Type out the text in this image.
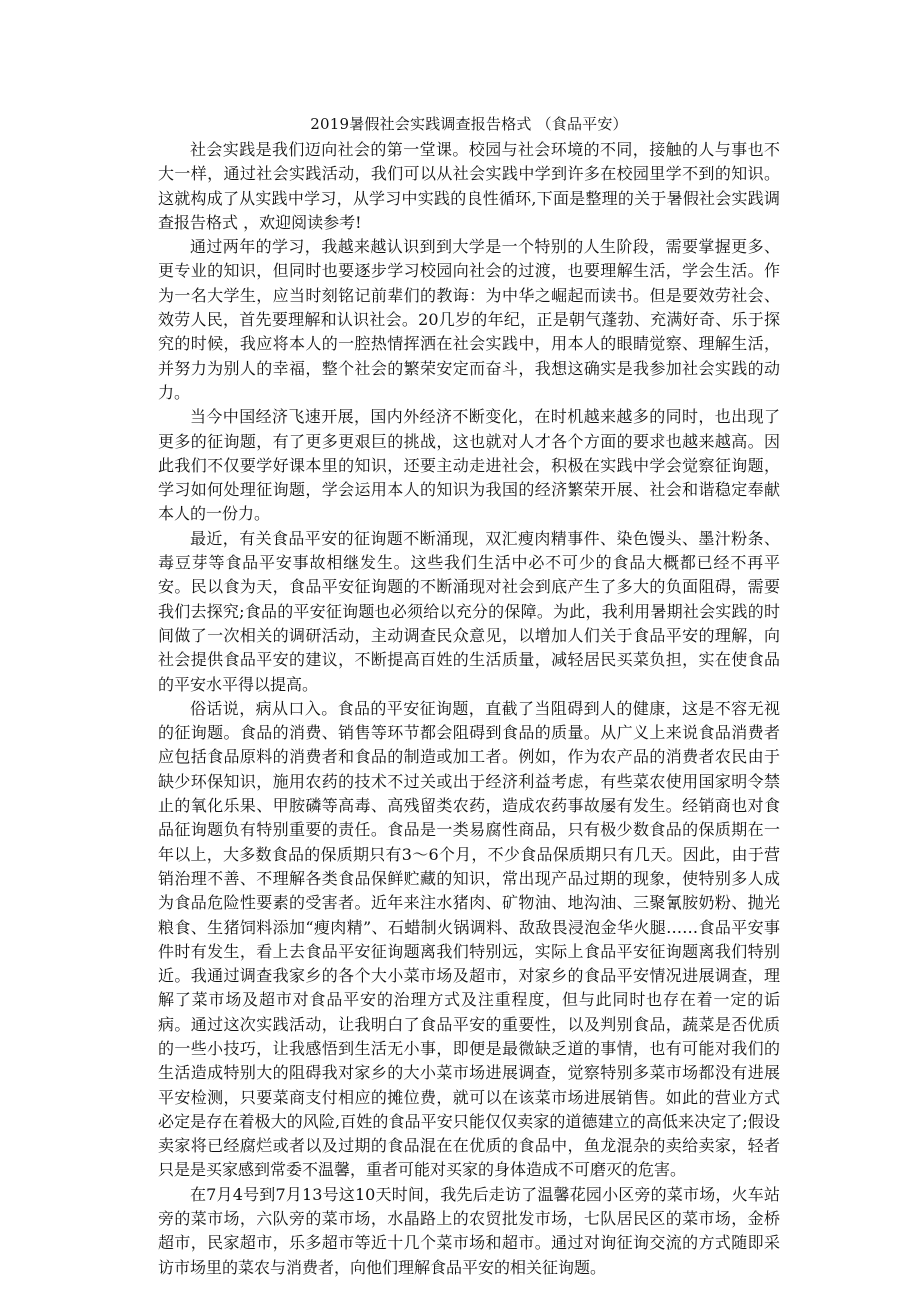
2019暑假社会实践调查报告格式 （食品平安）

社会实践是我们迈向社会的第一堂课。校园与社会环境的不同，接触的人与事也不大一样，通过社会实践活动，我们可以从社会实践中学到许多在校园里学不到的知识。这就构成了从实践中学习，从学习中实践的良性循环,下面是整理的关于暑假社会实践调查报告格式 ，欢迎阅读参考!

通过两年的学习，我越来越认识到到大学是一个特别的人生阶段，需要掌握更多、更专业的知识，但同时也要逐步学习校园向社会的过渡，也要理解生活，学会生活。作为一名大学生，应当时刻铭记前辈们的教诲：为中华之崛起而读书。但是要效劳社会、效劳人民，首先要理解和认识社会。20几岁的年纪，正是朝气蓬勃、充满好奇、乐于探究的时候，我应将本人的一腔热情挥洒在社会实践中，用本人的眼睛觉察、理解生活，并努力为别人的幸福，整个社会的繁荣安定而奋斗，我想这确实是我参加社会实践的动力。

当今中国经济飞速开展，国内外经济不断变化，在时机越来越多的同时，也出现了更多的征询题，有了更多更艰巨的挑战，这也就对人才各个方面的要求也越来越高。因此我们不仅要学好课本里的知识，还要主动走进社会，积极在实践中学会觉察征询题，学习如何处理征询题，学会运用本人的知识为我国的经济繁荣开展、社会和谐稳定奉献本人的一份力。

最近，有关食品平安的征询题不断涌现，双汇瘦肉精事件、染色馒头、墨汁粉条、毒豆芽等食品平安事故相继发生。这些我们生活中必不可少的食品大概都已经不再平安。民以食为天，食品平安征询题的不断涌现对社会到底产生了多大的负面阻碍，需要我们去探究;食品的平安征询题也必须给以充分的保障。为此，我利用暑期社会实践的时间做了一次相关的调研活动，主动调查民众意见，以增加人们关于食品平安的理解，向社会提供食品平安的建议，不断提高百姓的生活质量，减轻居民买菜负担，实在使食品的平安水平得以提高。

俗话说，病从口入。食品的平安征询题，直截了当阻碍到人的健康，这是不容无视的征询题。食品的消费、销售等环节都会阻碍到食品的质量。从广义上来说食品消费者应包括食品原料的消费者和食品的制造或加工者。例如，作为农产品的消费者农民由于缺少环保知识，施用农药的技术不过关或出于经济利益考虑，有些菜农使用国家明令禁止的氧化乐果、甲胺磷等高毒、高残留类农药，造成农药事故屡有发生。经销商也对食品征询题负有特别重要的责任。食品是一类易腐性商品，只有极少数食品的保质期在一年以上，大多数食品的保质期只有3～6个月，不少食品保质期只有几天。因此，由于营销治理不善、不理解各类食品保鲜贮藏的知识，常出现产品过期的现象，使特别多人成为食品危险性要素的受害者。近年来注水猪肉、矿物油、地沟油、三聚氰胺奶粉、抛光粮食、生猪饲料添加“瘦肉精”、石蜡制火锅调料、敌敌畏浸泡金华火腿……食品平安事件时有发生，看上去食品平安征询题离我们特别远，实际上食品平安征询题离我们特别近。我通过调查我家乡的各个大小菜市场及超市，对家乡的食品平安情况进展调查，理解了菜市场及超市对食品平安的治理方式及注重程度，但与此同时也存在着一定的诟病。通过这次实践活动，让我明白了食品平安的重要性，以及判别食品，蔬菜是否优质的一些小技巧，让我感悟到生活无小事，即便是最微缺乏道的事情，也有可能对我们的生活造成特别大的阻碍我对家乡的大小菜市场进展调查，觉察特别多菜市场都没有进展平安检测，只要菜商支付相应的摊位费，就可以在该菜市场进展销售。如此的营业方式必定是存在着极大的风险,百姓的食品平安只能仅仅卖家的道德建立的高低来决定了;假设卖家将已经腐烂或者以及过期的食品混在在优质的食品中，鱼龙混杂的卖给卖家，轻者只是是买家感到常委不温馨，重者可能对买家的身体造成不可磨灭的危害。

在7月4号到7月13号这10天时间，我先后走访了温馨花园小区旁的菜市场，火车站旁的菜市场，六队旁的菜市场，水晶路上的农贸批发市场，七队居民区的菜市场，金桥超市，民家超市，乐多超市等近十几个菜市场和超市。通过对询征询交流的方式随即采访市场里的菜农与消费者，向他们理解食品平安的相关征询题。
